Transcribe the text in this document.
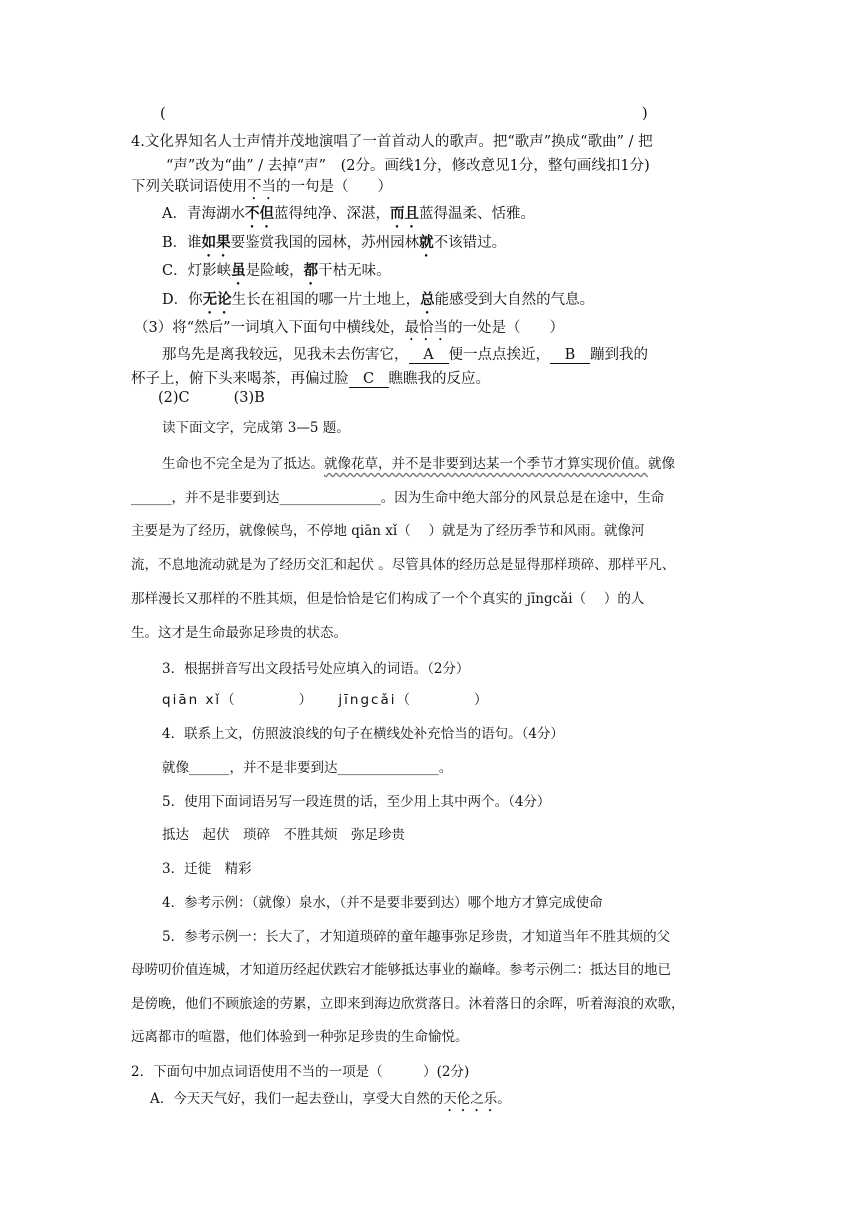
(	)
4.文化界知名人士声情并茂地演唱了一首首动人的歌声。把“歌声”换成“歌曲” / 把
“声”改为“曲” / 去掉“声”　(2分。画线1分，修改意见1分，整句画线扣1分)
下列关联词语使用不当的一句是（　　）
A．青海湖水不但蓝得纯净、深湛，而且蓝得温柔、恬雅。
B．谁如果要鉴赏我国的园林，苏州园林就不该错过。
C．灯影峡虽是险峻，都干枯无味。
D．你无论生长在祖国的哪一片土地上，总能感受到大自然的气息。
（3）将“然后”一词填入下面句中横线处，最恰当的一处是（　　）
那鸟先是离我较远，见我未去伤害它， A 便一点点挨近， B 蹦到我的
杯子上，俯下头来喝茶，再偏过脸 C 瞧瞧我的反应。
(2)C	(3)B
读下面文字，完成第 3—5 题。
生命也不完全是为了抵达。就像花草，并不是非要到达某一个季节才算实现价值。就像
______，并不是非要到达_______________。因为生命中绝大部分的风景总是在途中，生命
主要是为了经历，就像候鸟，不停地 qiān xǐ（　 ）就是为了经历季节和风雨。就像河
流，不息地流动就是为了经历交汇和起伏 。尽管具体的经历总是显得那样琐碎、那样平凡、
那样漫长又那样的不胜其烦，但是恰恰是它们构成了一个个真实的 jīngcǎi（　 ）的人
生。这才是生命最弥足珍贵的状态。
3．根据拼音写出文段括号处应填入的词语。（2分）
qiān xǐ（　　　　）　　jīngcǎi（　　　　）
4．联系上文，仿照波浪线的句子在横线处补充恰当的语句。（4分）
就像______，并不是非要到达_______________。
5．使用下面词语另写一段连贯的话，至少用上其中两个。（4分）
抵达　起伏　琐碎　不胜其烦　弥足珍贵
3．迁徙　精彩
4．参考示例：（就像）泉水，（并不是要非要到达）哪个地方才算完成使命
5．参考示例一：长大了，才知道琐碎的童年趣事弥足珍贵，才知道当年不胜其烦的父
母唠叨价值连城，才知道历经起伏跌宕才能够抵达事业的巅峰。参考示例二：抵达目的地已
是傍晚，他们不顾旅途的劳累，立即来到海边欣赏落日。沐着落日的余晖，听着海浪的欢歌，
远离都市的喧嚣，他们体验到一种弥足珍贵的生命愉悦。
2．下面句中加点词语使用不当的一项是（　　　）(2分)
A．今天天气好，我们一起去登山，享受大自然的天伦之乐。
